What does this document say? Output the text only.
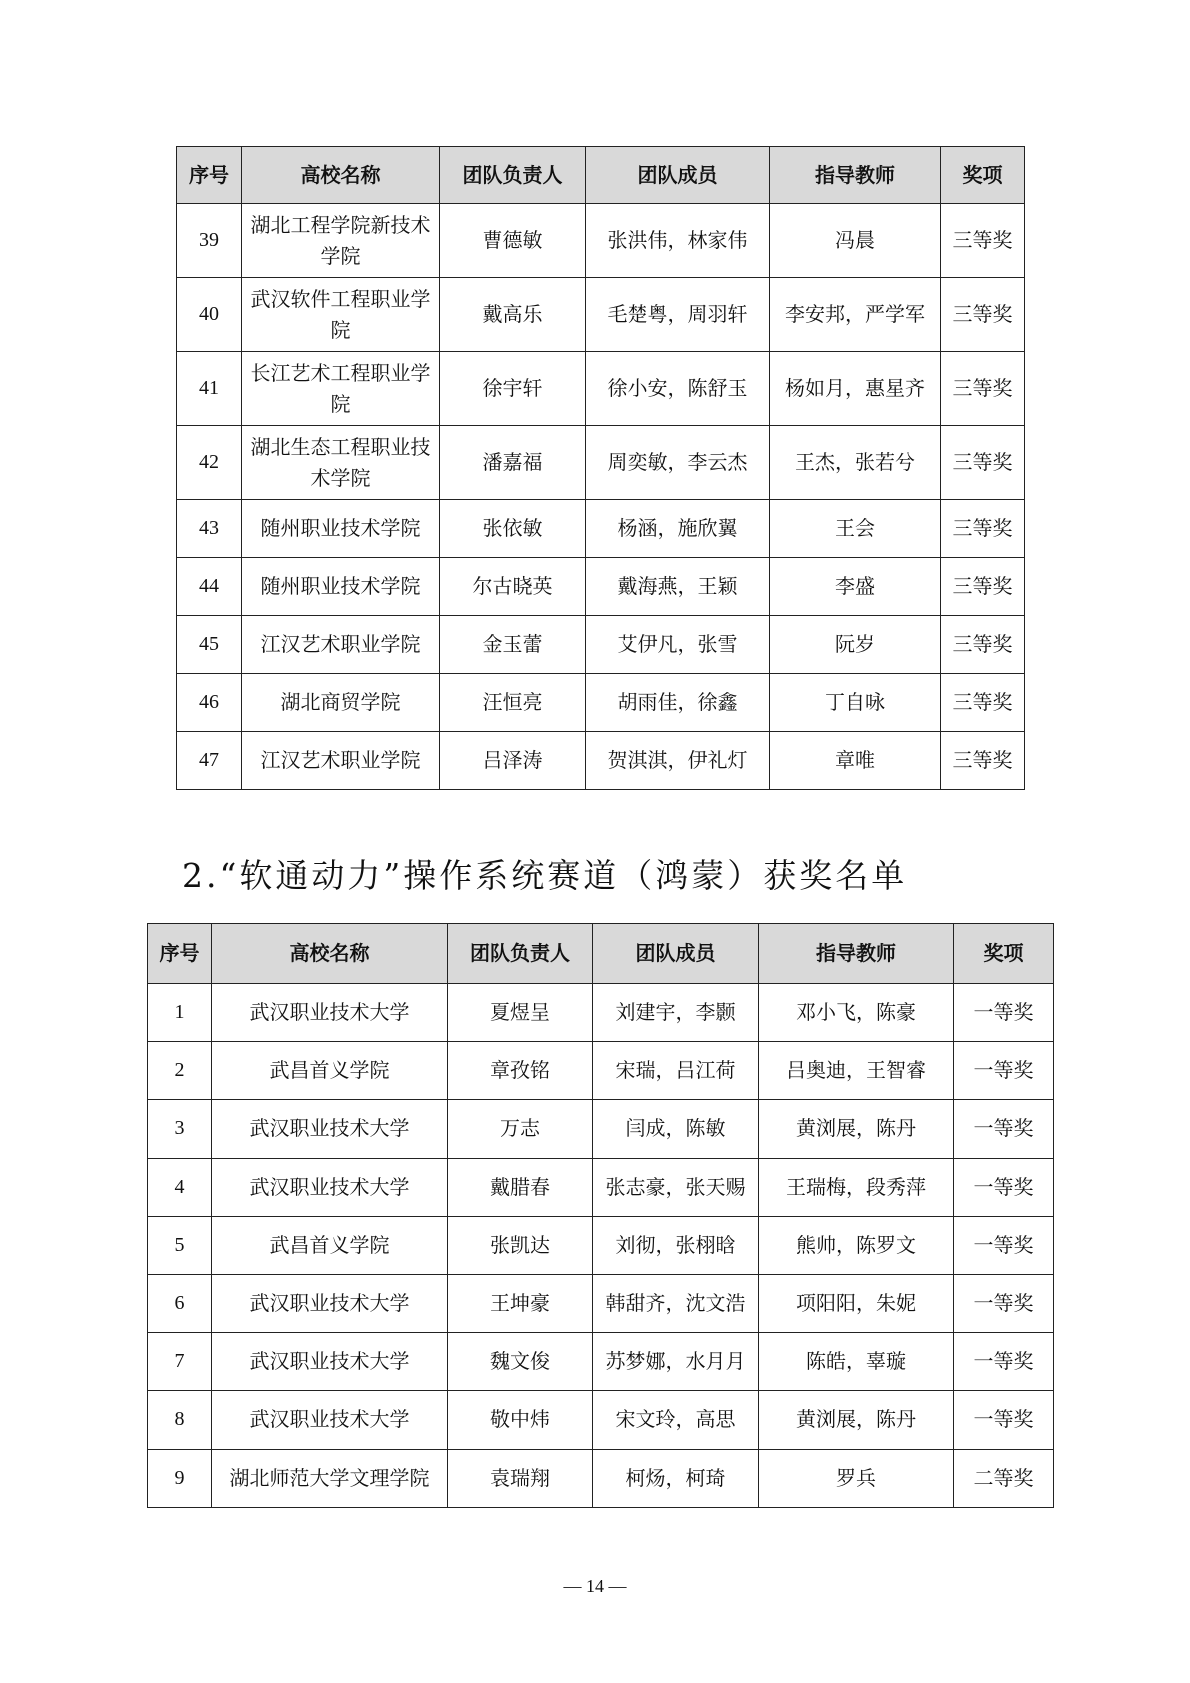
序号	高校名称	团队负责人	团队成员	指导教师	奖项
39	湖北工程学院新技术学院	曹德敏	张洪伟，林家伟	冯晨	三等奖
40	武汉软件工程职业学院	戴高乐	毛楚粤，周羽轩	李安邦，严学军	三等奖
41	长江艺术工程职业学院	徐宇轩	徐小安，陈舒玉	杨如月，惠星齐	三等奖
42	湖北生态工程职业技术学院	潘嘉福	周奕敏，李云杰	王杰，张若兮	三等奖
43	随州职业技术学院	张依敏	杨涵，施欣翼	王会	三等奖
44	随州职业技术学院	尔古晓英	戴海燕，王颖	李盛	三等奖
45	江汉艺术职业学院	金玉蕾	艾伊凡，张雪	阮岁	三等奖
46	湖北商贸学院	汪恒亮	胡雨佳，徐鑫	丁自咏	三等奖
47	江汉艺术职业学院	吕泽涛	贺淇淇，伊礼灯	章唯	三等奖
2.“软通动力”操作系统赛道（鸿蒙）获奖名单
序号	高校名称	团队负责人	团队成员	指导教师	奖项
1	武汉职业技术大学	夏煜呈	刘建宇，李颢	邓小飞，陈豪	一等奖
2	武昌首义学院	章孜铭	宋瑞，吕江荷	吕奥迪，王智睿	一等奖
3	武汉职业技术大学	万志	闫成，陈敏	黄浏展，陈丹	一等奖
4	武汉职业技术大学	戴腊春	张志豪，张天赐	王瑞梅，段秀萍	一等奖
5	武昌首义学院	张凯达	刘彻，张栩晗	熊帅，陈罗文	一等奖
6	武汉职业技术大学	王坤豪	韩甜齐，沈文浩	项阳阳，朱妮	一等奖
7	武汉职业技术大学	魏文俊	苏梦娜，水月月	陈皓，辜璇	一等奖
8	武汉职业技术大学	敬中炜	宋文玲，高思	黄浏展，陈丹	一等奖
9	湖北师范大学文理学院	袁瑞翔	柯炀，柯琦	罗兵	二等奖
— 14 —
